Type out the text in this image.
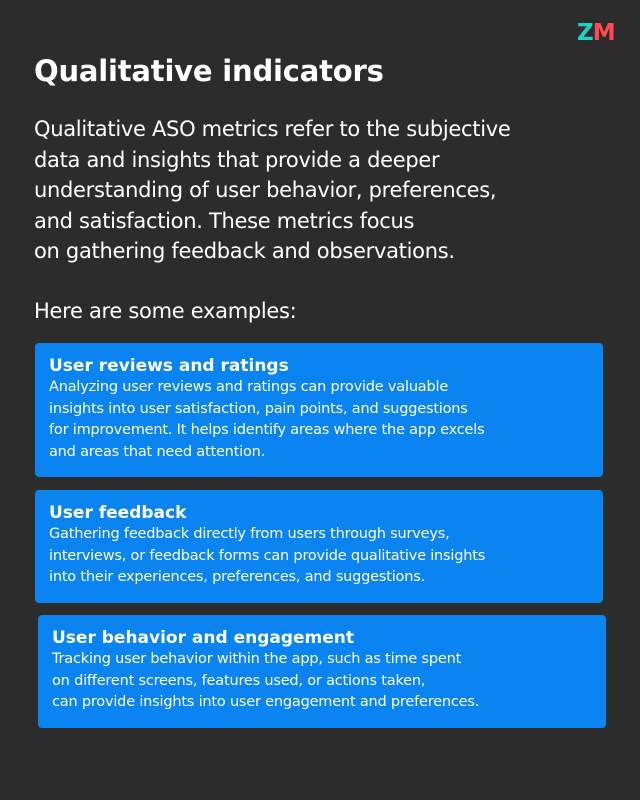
ZM
Qualitative indicators

Qualitative ASO metrics refer to the subjective
data and insights that provide a deeper
understanding of user behavior, preferences,
and satisfaction. These metrics focus
on gathering feedback and observations.

Here are some examples:

User reviews and ratings

Analyzing user reviews and ratings can provide valuable
insights into user satisfaction, pain points, and suggestions
for improvement. It helps identify areas where the app excels
and areas that need attention.

User feedback

Gathering feedback directly from users through surveys,
interviews, or feedback forms can provide qualitative insights
into their experiences, preferences, and suggestions.

User behavior and engagement

Tracking user behavior within the app, such as time spent
on different screens, features used, or actions taken,
can provide insights into user engagement and preferences.
